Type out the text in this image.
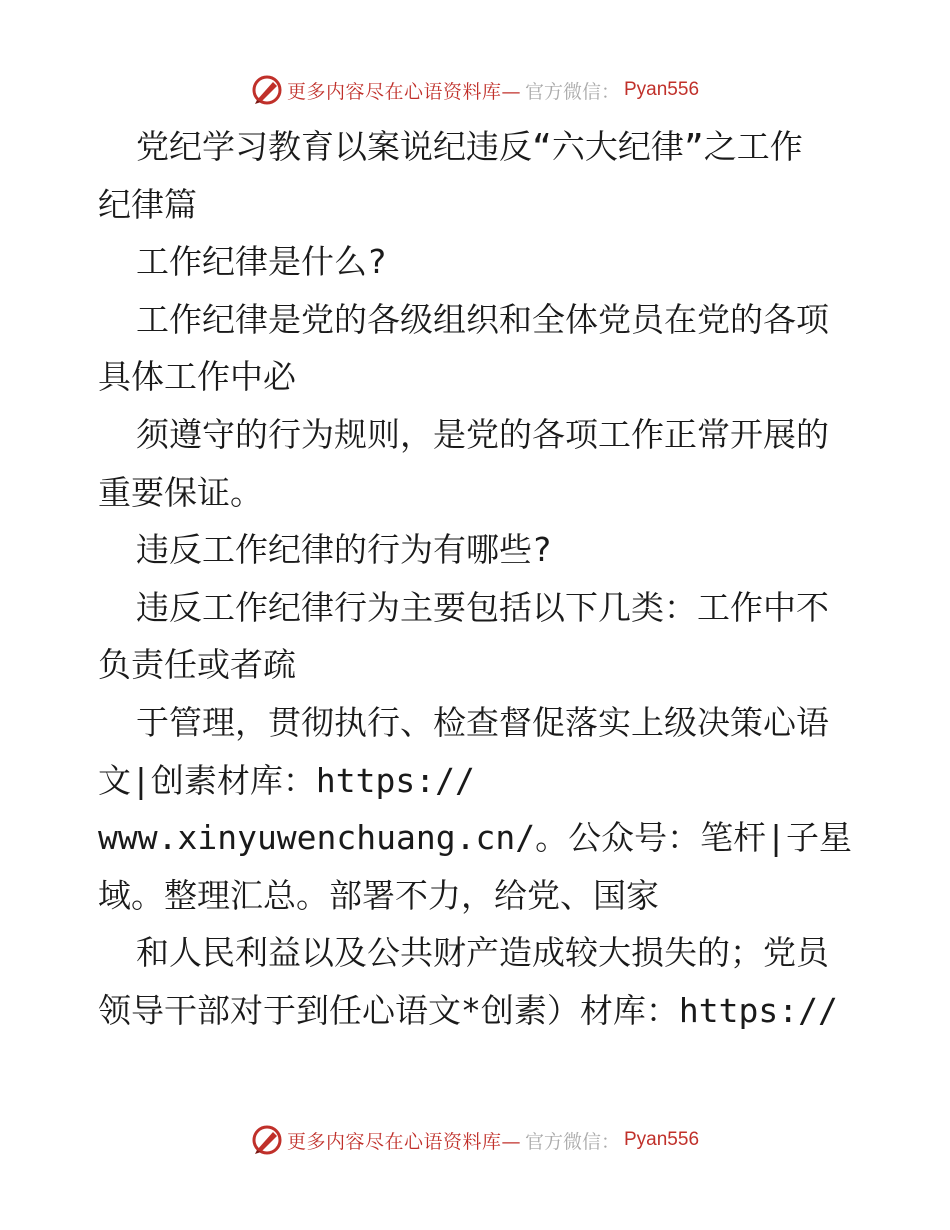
更多内容尽在心语资料库— 官方微信： Pyan556
党纪学习教育以案说纪违反“六大纪律”之工作
纪律篇
工作纪律是什么?
工作纪律是党的各级组织和全体党员在党的各项
具体工作中必
须遵守的行为规则，是党的各项工作正常开展的
重要保证。
违反工作纪律的行为有哪些?
违反工作纪律行为主要包括以下几类：工作中不
负责任或者疏
于管理，贯彻执行、检查督促落实上级决策心语
文|创素材库：https://
www.xinyuwenchuang.cn/。公众号：笔杆|子星
域。整理汇总。部署不力，给党、国家
和人民利益以及公共财产造成较大损失的；党员
领导干部对于到任心语文*创素）材库：https://
更多内容尽在心语资料库— 官方微信： Pyan556
